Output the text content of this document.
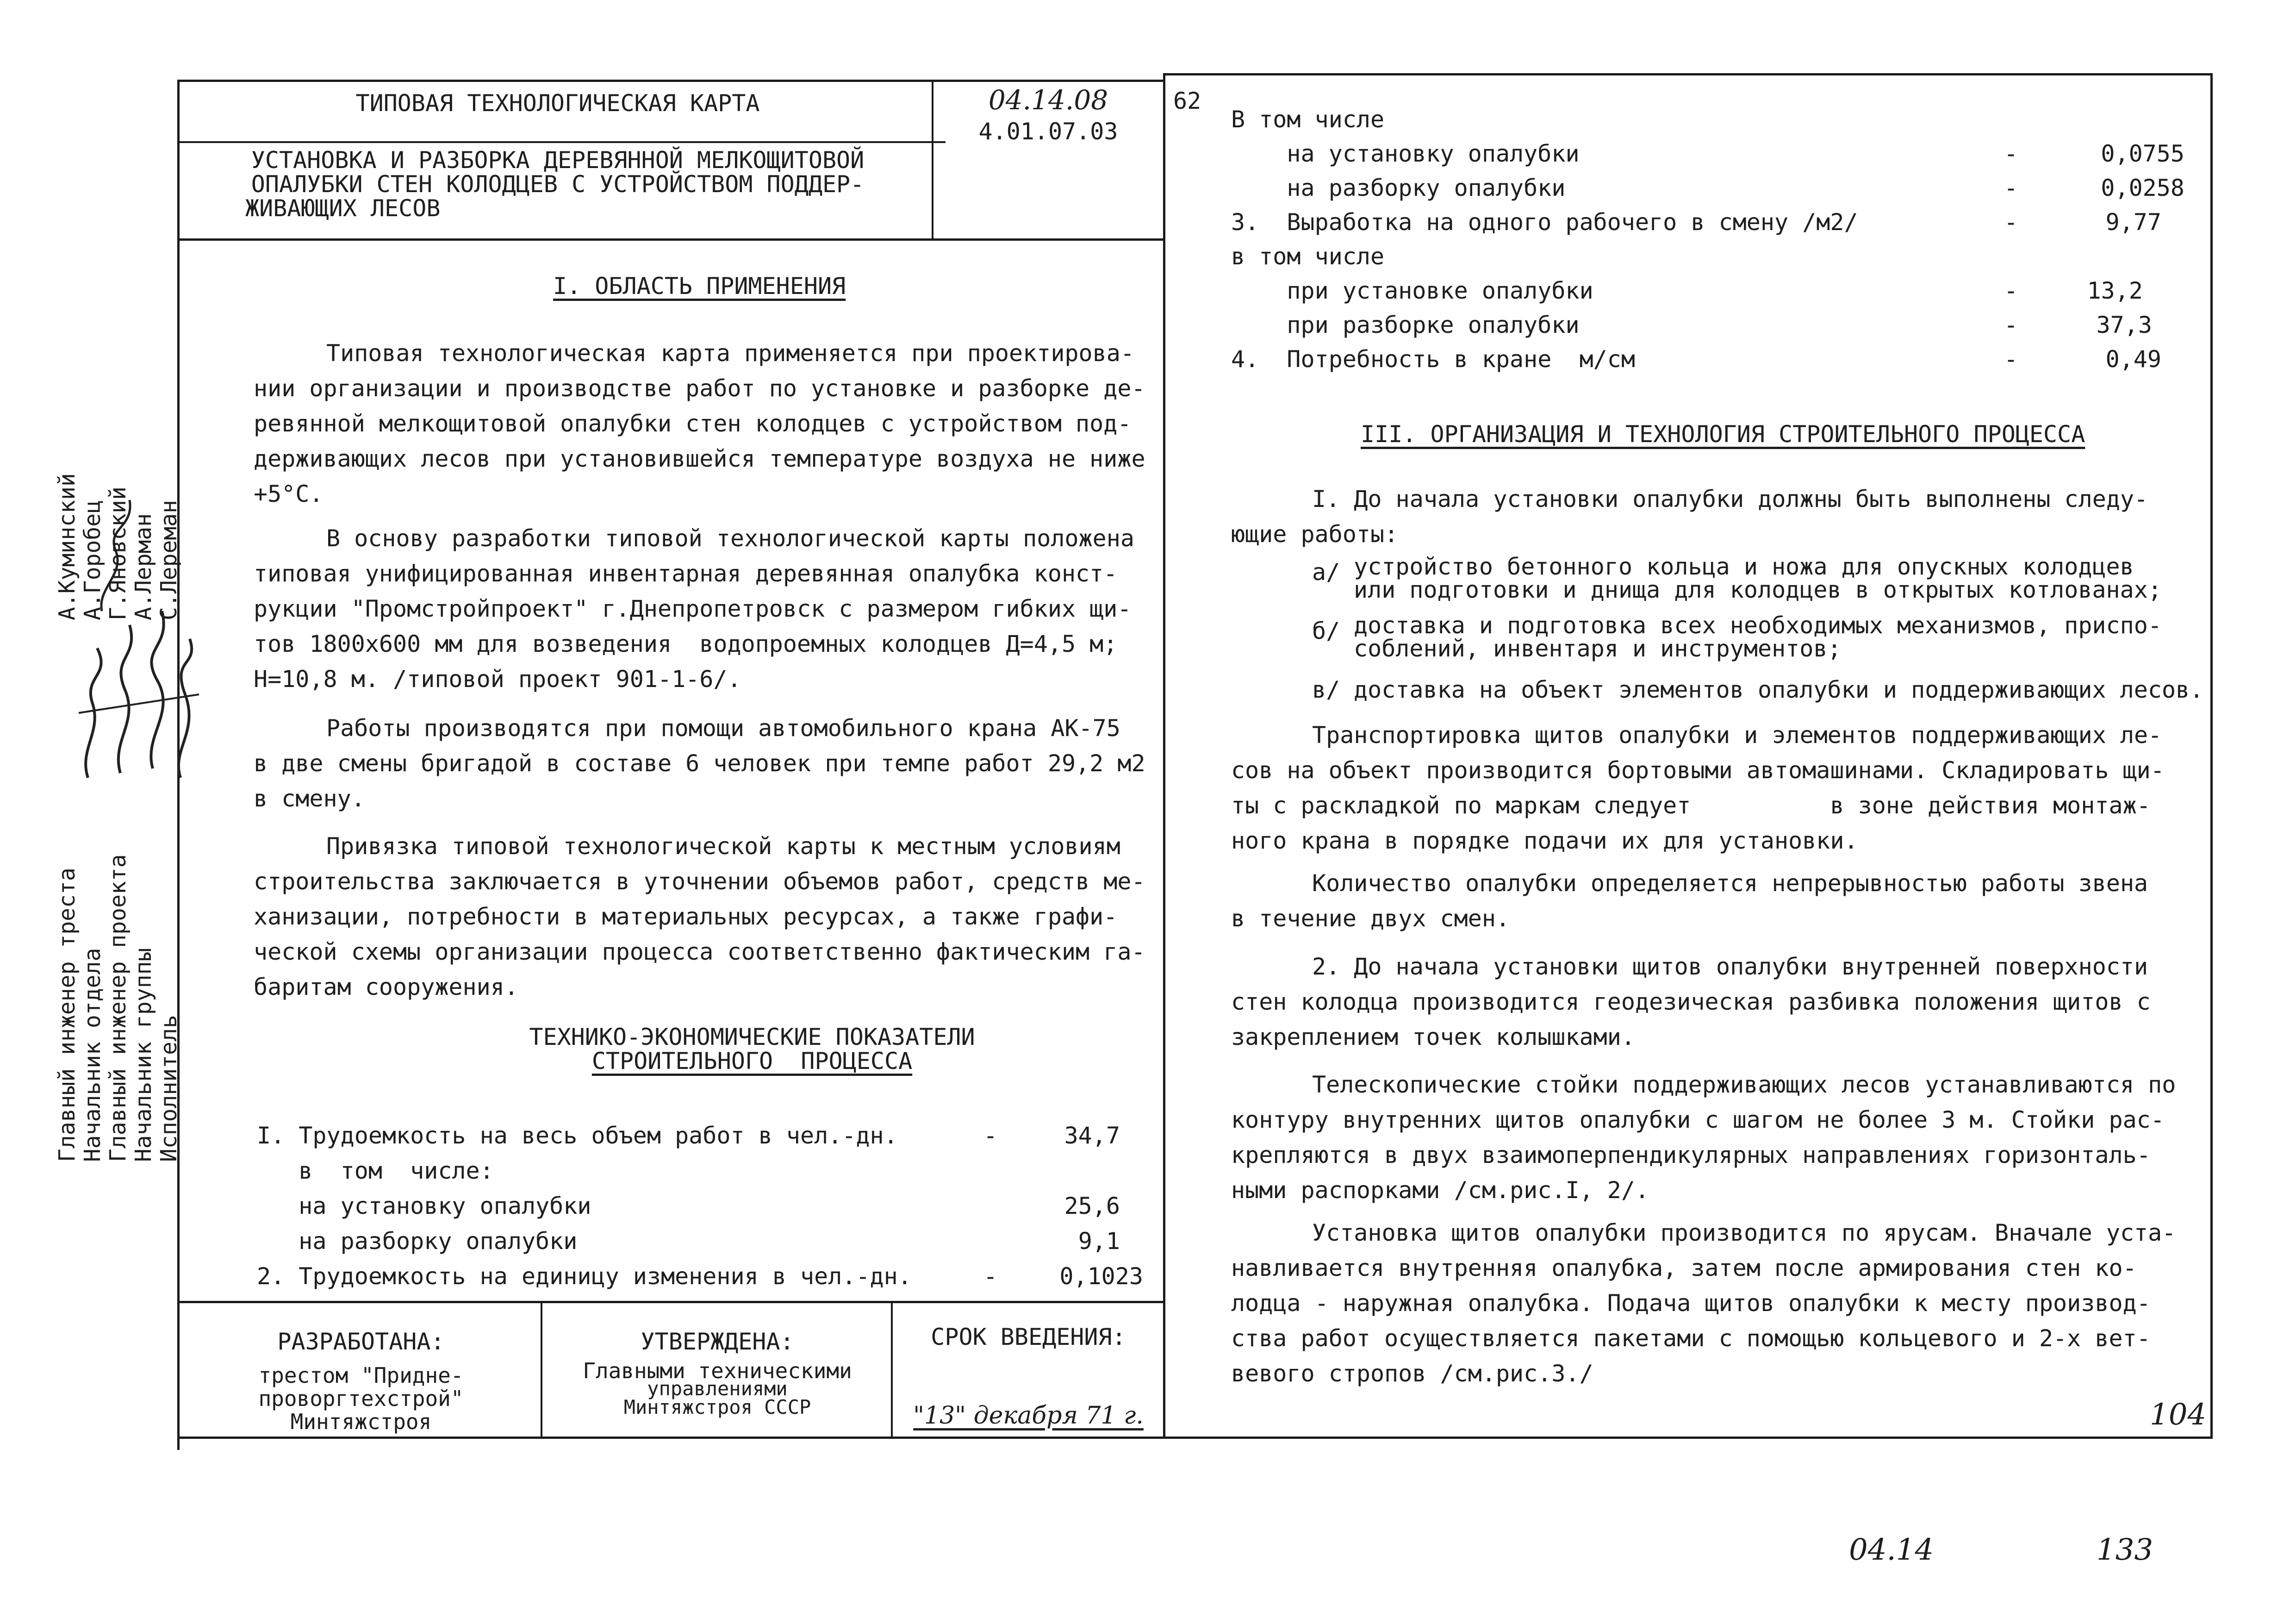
ТИПОВАЯ ТЕХНОЛОГИЧЕСКАЯ КАРТА
УСТАНОВКА И РАЗБОРКА ДЕРЕВЯННОЙ МЕЛКОЩИТОВОЙ
ОПАЛУБКИ СТЕН КОЛОДЦЕВ С УСТРОЙСТВОМ ПОДДЕР-
ЖИВАЮЩИХ ЛЕСОВ
04.14.08
4.01.07.03
62
А.Куминский А.Горобец Г.Яновский А.Лерман С.Лереман
Главный инженер треста Начальник отдела Главный инженер проекта Начальник группы Исполнитель
I. ОБЛАСТЬ ПРИМЕНЕНИЯ
Типовая технологическая карта применяется при проектирова-
нии организации и производстве работ по установке и разборке де-
ревянной мелкощитовой опалубки стен колодцев с устройством под-
держивающих лесов при установившейся температуре воздуха не ниже
+5°С.
В основу разработки типовой технологической карты положена
типовая унифицированная инвентарная деревянная опалубка конст-
рукции "Промстройпроект" г.Днепропетровск с размером гибких щи-
тов 1800х600 мм для возведения  водопроемных колодцев Д=4,5 м;
Н=10,8 м. /типовой проект 901-1-6/.
Работы производятся при помощи автомобильного крана АК-75
в две смены бригадой в составе 6 человек при темпе работ 29,2 м2
в смену.
Привязка типовой технологической карты к местным условиям
строительства заключается в уточнении объемов работ, средств ме-
ханизации, потребности в материальных ресурсах, а также графи-
ческой схемы организации процесса соответственно фактическим га-
баритам сооружения.
ТЕХНИКО-ЭКОНОМИЧЕСКИЕ ПОКАЗАТЕЛИ
СТРОИТЕЛЬНОГО  ПРОЦЕССА
I. Трудоемкость на весь объем работ в чел.-дн.	-	34,7
в  том  числе:
на установку опалубки	25,6
на разборку опалубки	9,1
2. Трудоемкость на единицу изменения в чел.-дн.	-	0,1023
РАЗРАБОТАНА:
трестом "Придне-
проворгтехстрой"
Минтяжстроя
УТВЕРЖДЕНА:
Главными техническими
управлениями
Минтяжстроя СССР
СРОК ВВЕДЕНИЯ:
"13" декабря 71 г.
В том числе
на установку опалубки	-	0,0755
на разборку опалубки	-	0,0258
3.  Выработка на одного рабочего в смену /м2/	-	9,77
в том числе
при установке опалубки	-	13,2
при разборке опалубки	-	37,3
4.  Потребность в кране  м/см	-	0,49
III. ОРГАНИЗАЦИЯ И ТЕХНОЛОГИЯ СТРОИТЕЛЬНОГО ПРОЦЕССА
I. До начала установки опалубки должны быть выполнены следу-
ющие работы:
а/ устройство бетонного кольца и ножа для опускных колодцев
или подготовки и днища для колодцев в открытых котлованах;
б/ доставка и подготовка всех необходимых механизмов, приспо-
соблений, инвентаря и инструментов;
в/ доставка на объект элементов опалубки и поддерживающих лесов.
Транспортировка щитов опалубки и элементов поддерживающих ле-
сов на объект производится бортовыми автомашинами. Складировать щи-
ты с раскладкой по маркам следует          в зоне действия монтаж-
ного крана в порядке подачи их для установки.
Количество опалубки определяется непрерывностью работы звена
в течение двух смен.
2. До начала установки щитов опалубки внутренней поверхности
стен колодца производится геодезическая разбивка положения щитов с
закреплением точек колышками.
Телескопические стойки поддерживающих лесов устанавливаются по
контуру внутренних щитов опалубки с шагом не более 3 м. Стойки рас-
крепляются в двух взаимоперпендикулярных направлениях горизонталь-
ными распорками /см.рис.I, 2/.
Установка щитов опалубки производится по ярусам. Вначале уста-
навливается внутренняя опалубка, затем после армирования стен ко-
лодца - наружная опалубка. Подача щитов опалубки к месту производ-
ства работ осуществляется пакетами с помощью кольцевого и 2-х вет-
вевого стропов /см.рис.3./
104
04.14	133
